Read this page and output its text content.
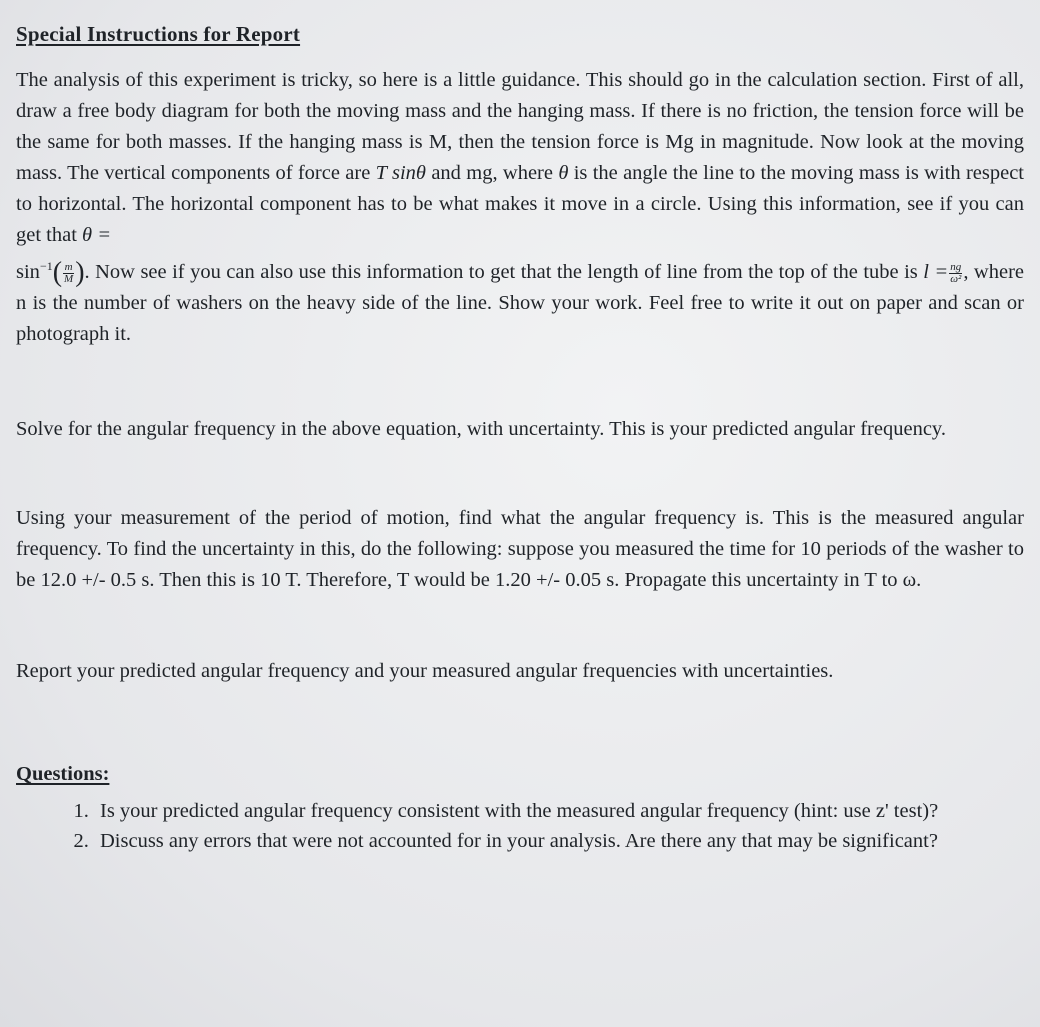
Special Instructions for Report

The analysis of this experiment is tricky, so here is a little guidance. This should go in the calculation section. First of all, draw a free body diagram for both the moving mass and the hanging mass. If there is no friction, the tension force will be the same for both masses. If the hanging mass is M, then the tension force is Mg in magnitude. Now look at the moving mass. The vertical components of force are T sinθ and mg, where θ is the angle the line to the moving mass is with respect to horizontal. The horizontal component has to be what makes it move in a circle. Using this information, see if you can get that θ =
$\sin^{-1}( \frac{m}{M}$ ). Now see if you can also use this information to get that the length of line from the top of the tube is $l = \frac{ng}{\text{ω²}}$ , where n is the number of washers on the heavy side of the line. Show your work. Feel free to write it out on paper and scan or photograph it.

Solve for the angular frequency in the above equation, with uncertainty. This is your predicted angular frequency.

Using your measurement of the period of motion, find what the angular frequency is. This is the measured angular frequency. To find the uncertainty in this, do the following: suppose you measured the time for 10 periods of the washer to be 12.0 +/- 0.5 s. Then this is 10 T. Therefore, T would be 1.20 +/- 0.05 s. Propagate this uncertainty in T to ω.

Report your predicted angular frequency and your measured angular frequencies with uncertainties.

Questions:
1. Is your predicted angular frequency consistent with the measured angular frequency (hint: use z' test)?
2. Discuss any errors that were not accounted for in your analysis. Are there any that may be significant?
